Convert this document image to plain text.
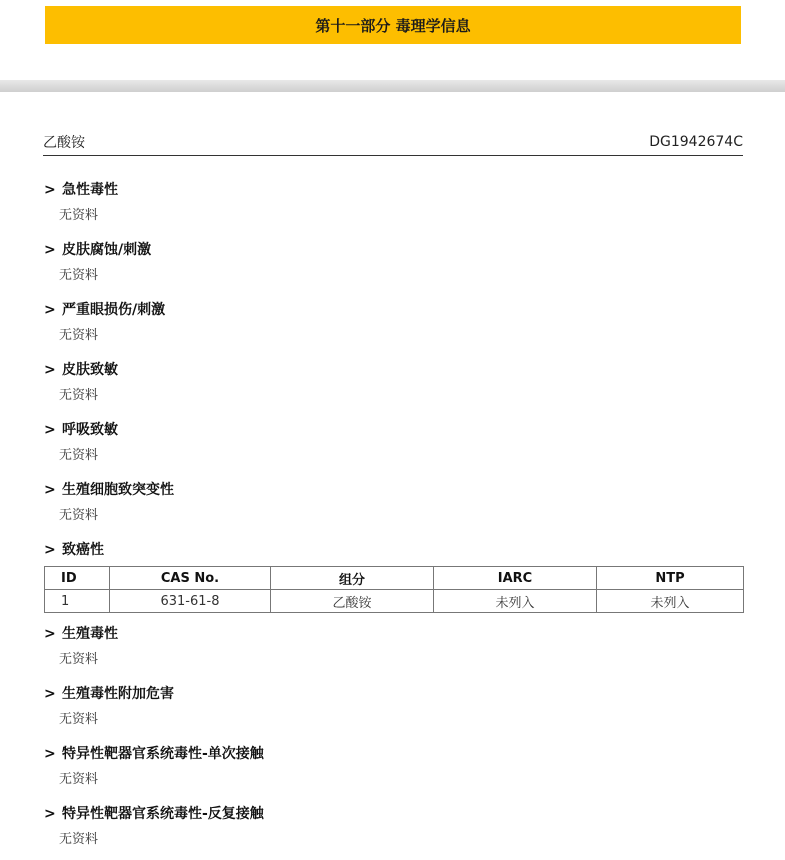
第十一部分 毒理学信息
乙酸铵	DG1942674C
> 急性毒性
无资料
> 皮肤腐蚀/刺激
无资料
> 严重眼损伤/刺激
无资料
> 皮肤致敏
无资料
> 呼吸致敏
无资料
> 生殖细胞致突变性
无资料
> 致癌性
ID	CAS No.	组分	IARC	NTP
1	631-61-8	乙酸铵	未列入	未列入
> 生殖毒性
无资料
> 生殖毒性附加危害
无资料
> 特异性靶器官系统毒性-单次接触
无资料
> 特异性靶器官系统毒性-反复接触
无资料
